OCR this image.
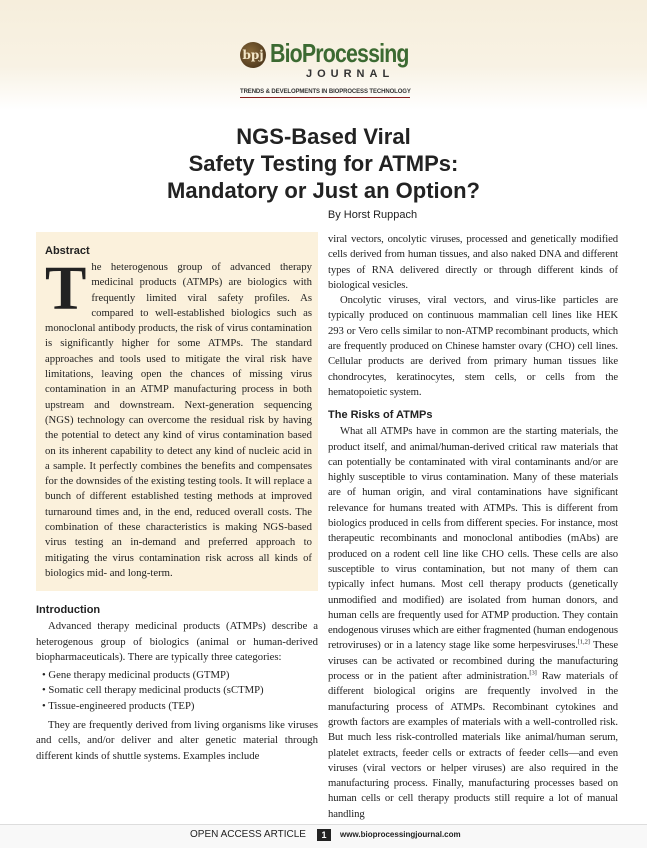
bpj BioProcessing
JOURNAL
TRENDS & DEVELOPMENTS IN BIOPROCESS TECHNOLOGY
NGS-Based Viral
Safety Testing for ATMPs:
Mandatory or Just an Option?
By Horst Ruppach
Abstract

The heterogenous group of advanced therapy medicinal products (ATMPs) are biologics with frequently limited viral safety profiles. As compared to well-established biologics such as monoclonal antibody products, the risk of virus contamination is significantly higher for some ATMPs. The standard approaches and tools used to mitigate the viral risk have limitations, leaving open the chances of missing virus contamination in an ATMP manufacturing process in both upstream and downstream. Next-generation sequencing (NGS) technology can overcome the residual risk by having the potential to detect any kind of virus contamination based on its inherent capability to detect any kind of nucleic acid in a sample. It perfectly combines the benefits and compensates for the downsides of the existing testing tools. It will replace a bunch of different established testing methods at improved turnaround times and, in the end, reduced overall costs. The combination of these characteristics is making NGS-based virus testing an in-demand and preferred approach to mitigating the virus contamination risk across all kinds of biologics mid- and long-term.

Introduction

Advanced therapy medicinal products (ATMPs) describe a heterogenous group of biologics (animal or human-derived biopharmaceuticals). There are typically three categories:

• Gene therapy medicinal products (GTMP)
• Somatic cell therapy medicinal products (sCTMP)
• Tissue-engineered products (TEP)

They are frequently derived from living organisms like viruses and cells, and/or deliver and alter genetic material through different kinds of shuttle systems. Examples include

viral vectors, oncolytic viruses, processed and genetically modified cells derived from human tissues, and also naked DNA and different types of RNA delivered directly or through different kinds of biological vesicles.

Oncolytic viruses, viral vectors, and virus-like particles are typically produced on continuous mammalian cell lines like HEK 293 or Vero cells similar to non-ATMP recombinant products, which are frequently produced on Chinese hamster ovary (CHO) cell lines. Cellular products are derived from primary human tissues like chondrocytes, keratinocytes, stem cells, or cells from the hematopoietic system.

The Risks of ATMPs

What all ATMPs have in common are the starting materials, the product itself, and animal/human-derived critical raw materials that can potentially be contaminated with viral contaminants and/or are highly susceptible to virus contamination. Many of these materials are of human origin, and viral contaminations have significant relevance for humans treated with ATMPs. This is different from biologics produced in cells from different species. For instance, most therapeutic recombinants and monoclonal antibodies (mAbs) are produced on a rodent cell line like CHO cells. These cells are also susceptible to virus contamination, but not many of them can typically infect humans. Most cell therapy products (genetically unmodified and modified) are isolated from human donors, and human cells are frequently used for ATMP production. They contain endogenous viruses which are either fragmented (human endogenous retroviruses) or in a latency stage like some herpesviruses.[1,2] These viruses can be activated or recombined during the manufacturing process or in the patient after administration.[3] Raw materials of different biological origins are frequently involved in the manufacturing process of ATMPs. Recombinant cytokines and growth factors are examples of materials with a well-controlled risk. But much less risk-controlled materials like animal/human serum, platelet extracts, feeder cells or extracts of feeder cells—and even viruses (viral vectors or helper viruses) are also required in the manufacturing process. Finally, manufacturing processes based on human cells or cell therapy products still require a lot of manual handling

OPEN ACCESS ARTICLE	1	www.bioprocessingjournal.com
